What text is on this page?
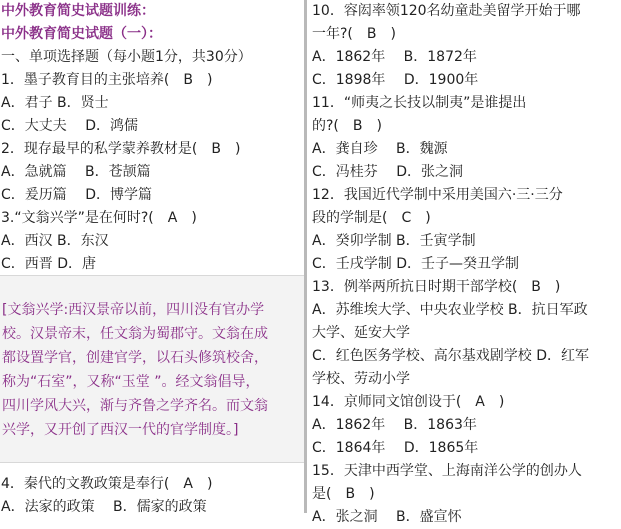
中外教育简史试题训练：
中外教育简史试题（一）：
一、单项选择题（每小题1分，共30分）
1．墨子教育目的主张培养(　B　)
A．君子 B．贤士
C．大丈夫　 D．鸿儒
2．现存最早的私学蒙养教材是(　B　)
A．急就篇　 B．苍颉篇
C．爰历篇　 D．博学篇
3.“文翁兴学”是在何时?(　A　)
A．西汉 B．东汉
C．西晋 D．唐
[文翁兴学:西汉景帝以前，四川没有官办学
校。汉景帝末，任文翁为蜀郡守。文翁在成
都设置学官，创建官学，以石头修筑校舍，
称为“石室”，又称“玉堂 ”。经文翁倡导，
四川学风大兴，渐与齐鲁之学齐名。而文翁
兴学，又开创了西汉一代的官学制度。]
4．秦代的文教政策是奉行(　A　)
A．法家的政策　 B．儒家的政策
10．容闳率领120名幼童赴美留学开始于哪
一年?(　B　)
A．1862年　 B．1872年
C．1898年　 D．1900年
11．“师夷之长技以制夷”是谁提出
的?(　B　)
A．龚自珍　 B．魏源
C．冯桂芬　 D．张之洞
12．我国近代学制中采用美国六·三·三分
段的学制是(　C　)
A．癸卯学制 B．壬寅学制
C．壬戌学制 D．壬子—癸丑学制
13．例举两所抗日时期干部学校(　B　)
A．苏维埃大学、中央农业学校 B．抗日军政
大学、延安大学
C．红色医务学校、高尔基戏剧学校 D．红军
学校、劳动小学
14．京师同文馆创设于(　A　)
A．1862年　 B．1863年
C．1864年　 D．1865年
15．天津中西学堂、上海南洋公学的创办人
是(　B　)
A．张之洞　 B．盛宣怀
